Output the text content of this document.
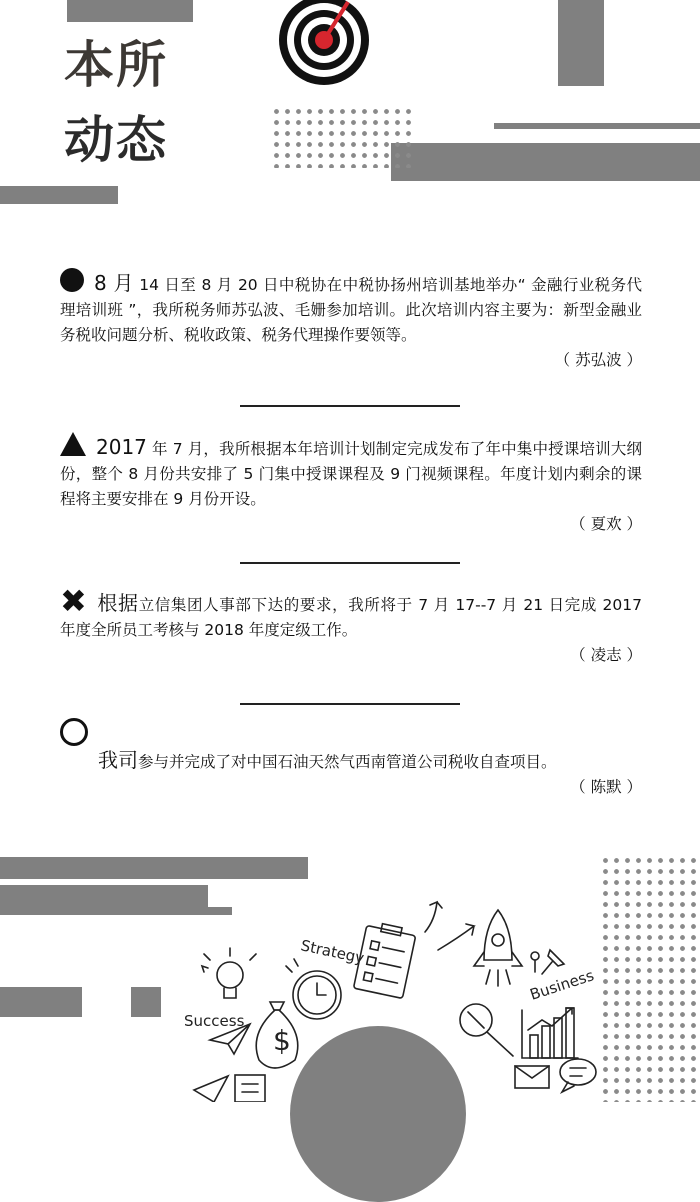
本所
动态

8 月 14 日至 8 月 20 日中税协在中税协扬州培训基地举办“ 金融行业税务代理培训班 ”，我所税务师苏弘波、毛姗参加培训。此次培训内容主要为：新型金融业务税收问题分析、税收政策、税务代理操作要领等。

（ 苏弘波 ）

2017 年 7 月，我所根据本年培训计划制定完成发布了年中集中授课培训大纲份，整个 8 月份共安排了 5 门集中授课课程及 9 门视频课程。年度计划内剩余的课程将主要安排在 9 月份开设。

（ 夏欢 ）

✖ 根据立信集团人事部下达的要求，我所将于 7 月 17--7 月 21 日完成 2017 年度全所员工考核与 2018 年度定级工作。

（ 凌志 ）

我司参与并完成了对中国石油天然气西南管道公司税收自查项目。

（ 陈默 ）
$
Strategy
Success
Business
